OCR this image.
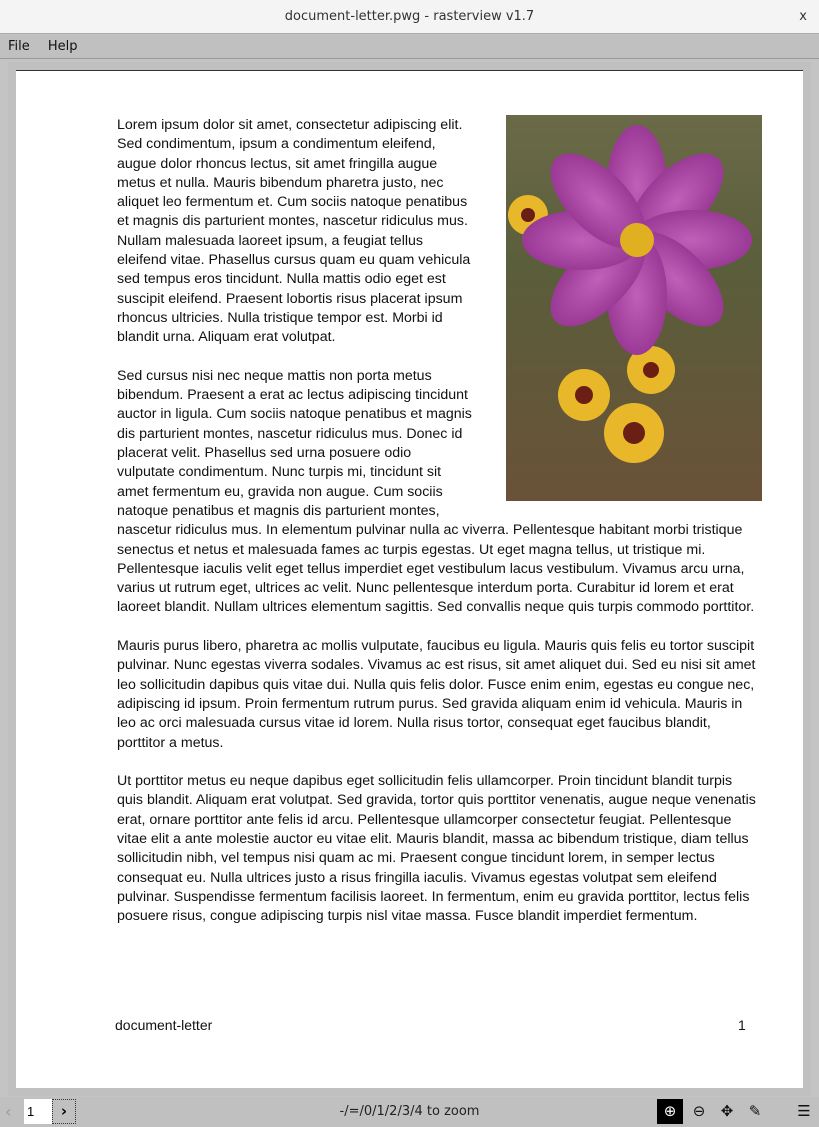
document-letter.pwg - rasterview v1.7	x
File Help

Lorem ipsum dolor sit amet, consectetur adipiscing elit. Sed condimentum, ipsum a condimentum eleifend, augue dolor rhoncus lectus, sit amet fringilla augue metus et nulla. Mauris bibendum pharetra justo, nec aliquet leo fermentum et. Cum sociis natoque penatibus et magnis dis parturient montes, nascetur ridiculus mus. Nullam malesuada laoreet ipsum, a feugiat tellus eleifend vitae. Phasellus cursus quam eu quam vehicula sed tempus eros tincidunt. Nulla mattis odio eget est suscipit eleifend. Praesent lobortis risus placerat ipsum rhoncus ultricies. Nulla tristique tempor est. Morbi id blandit urna. Aliquam erat volutpat.

Sed cursus nisi nec neque mattis non porta metus bibendum. Praesent a erat ac lectus adipiscing tincidunt auctor in ligula. Cum sociis natoque penatibus et magnis dis parturient montes, nascetur ridiculus mus. Donec id placerat velit. Phasellus sed urna posuere odio vulputate condimentum. Nunc turpis mi, tincidunt sit amet fermentum eu, gravida non augue. Cum sociis natoque penatibus et magnis dis parturient montes, nascetur ridiculus mus. In elementum pulvinar nulla ac viverra. Pellentesque habitant morbi tristique senectus et netus et malesuada fames ac turpis egestas. Ut eget magna tellus, ut tristique mi. Pellentesque iaculis velit eget tellus imperdiet eget vestibulum lacus vestibulum. Vivamus arcu urna, varius ut rutrum eget, ultrices ac velit. Nunc pellentesque interdum porta. Curabitur id lorem et erat laoreet blandit. Nullam ultrices elementum sagittis. Sed convallis neque quis turpis commodo porttitor.

Mauris purus libero, pharetra ac mollis vulputate, faucibus eu ligula. Mauris quis felis eu tortor suscipit pulvinar. Nunc egestas viverra sodales. Vivamus ac est risus, sit amet aliquet dui. Sed eu nisi sit amet leo sollicitudin dapibus quis vitae dui. Nulla quis felis dolor. Fusce enim enim, egestas eu congue nec, adipiscing id ipsum. Proin fermentum rutrum purus. Sed gravida aliquam enim id vehicula. Mauris in leo ac orci malesuada cursus vitae id lorem. Nulla risus tortor, consequat eget faucibus blandit, porttitor a metus.

Ut porttitor metus eu neque dapibus eget sollicitudin felis ullamcorper. Proin tincidunt blandit turpis quis blandit. Aliquam erat volutpat. Sed gravida, tortor quis porttitor venenatis, augue neque venenatis erat, ornare porttitor ante felis id arcu. Pellentesque ullamcorper consectetur feugiat. Pellentesque vitae elit a ante molestie auctor eu vitae elit. Mauris blandit, massa ac bibendum tristique, diam tellus sollicitudin nibh, vel tempus nisi quam ac mi. Praesent congue tincidunt lorem, in semper lectus consequat eu. Nulla ultrices justo a risus fringilla iaculis. Vivamus egestas volutpat sem eleifend pulvinar. Suspendisse fermentum facilisis laoreet. In fermentum, enim eu gravida porttitor, lectus felis posuere risus, congue adipiscing turpis nisl vitae massa. Fusce blandit imperdiet fermentum.

document-letter	1
‹
1	›	-/=/0/1/2/3/4 to zoom	⊕	⊖	✥	✎	☰
